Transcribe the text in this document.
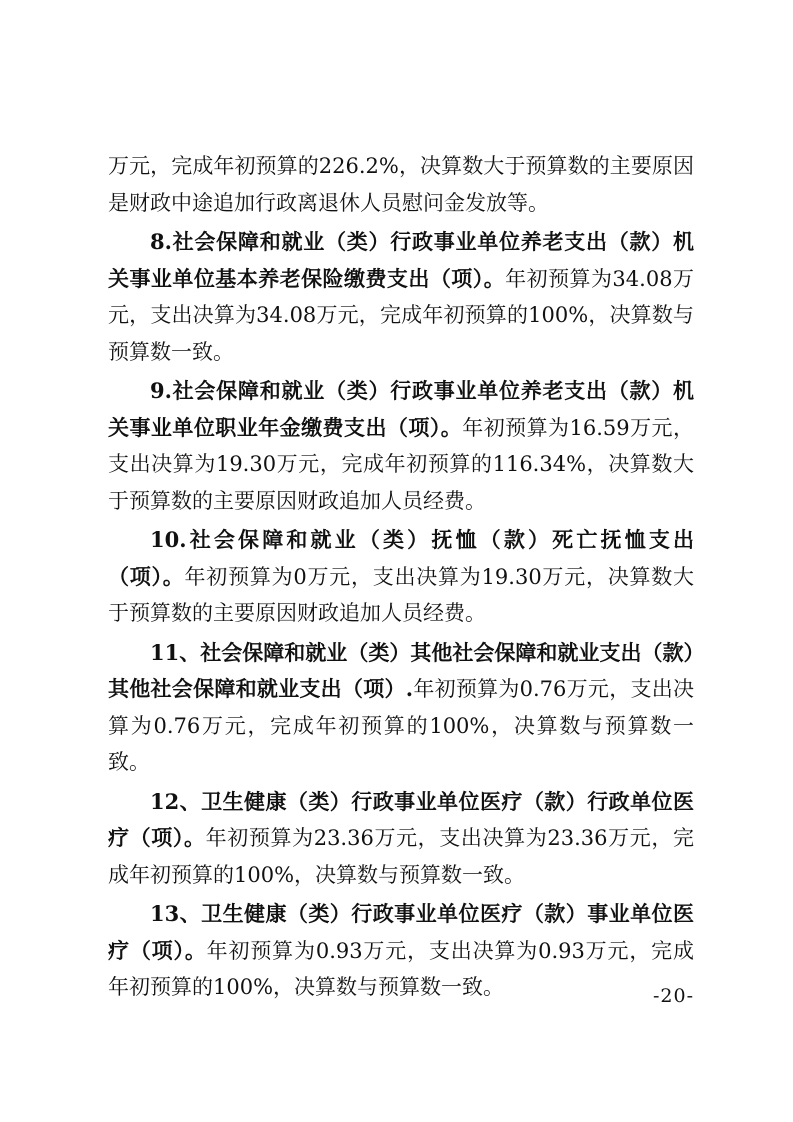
万元，完成年初预算的226.2%，决算数大于预算数的主要原因是财政中途追加行政离退休人员慰问金发放等。

8.社会保障和就业（类）行政事业单位养老支出（款）机关事业单位基本养老保险缴费支出（项）。年初预算为34.08万元，支出决算为34.08万元，完成年初预算的100%，决算数与预算数一致。

9.社会保障和就业（类）行政事业单位养老支出（款）机关事业单位职业年金缴费支出（项）。年初预算为16.59万元，支出决算为19.30万元，完成年初预算的116.34%，决算数大于预算数的主要原因财政追加人员经费。

10.社会保障和就业（类）抚恤（款）死亡抚恤支出（项）。年初预算为0万元，支出决算为19.30万元，决算数大于预算数的主要原因财政追加人员经费。

11、社会保障和就业（类）其他社会保障和就业支出（款）其他社会保障和就业支出（项）.年初预算为0.76万元，支出决算为0.76万元，完成年初预算的100%，决算数与预算数一致。

12、卫生健康（类）行政事业单位医疗（款）行政单位医疗（项）。年初预算为23.36万元，支出决算为23.36万元，完成年初预算的100%，决算数与预算数一致。

13、卫生健康（类）行政事业单位医疗（款）事业单位医疗（项）。年初预算为0.93万元，支出决算为0.93万元，完成年初预算的100%，决算数与预算数一致。	-20-
